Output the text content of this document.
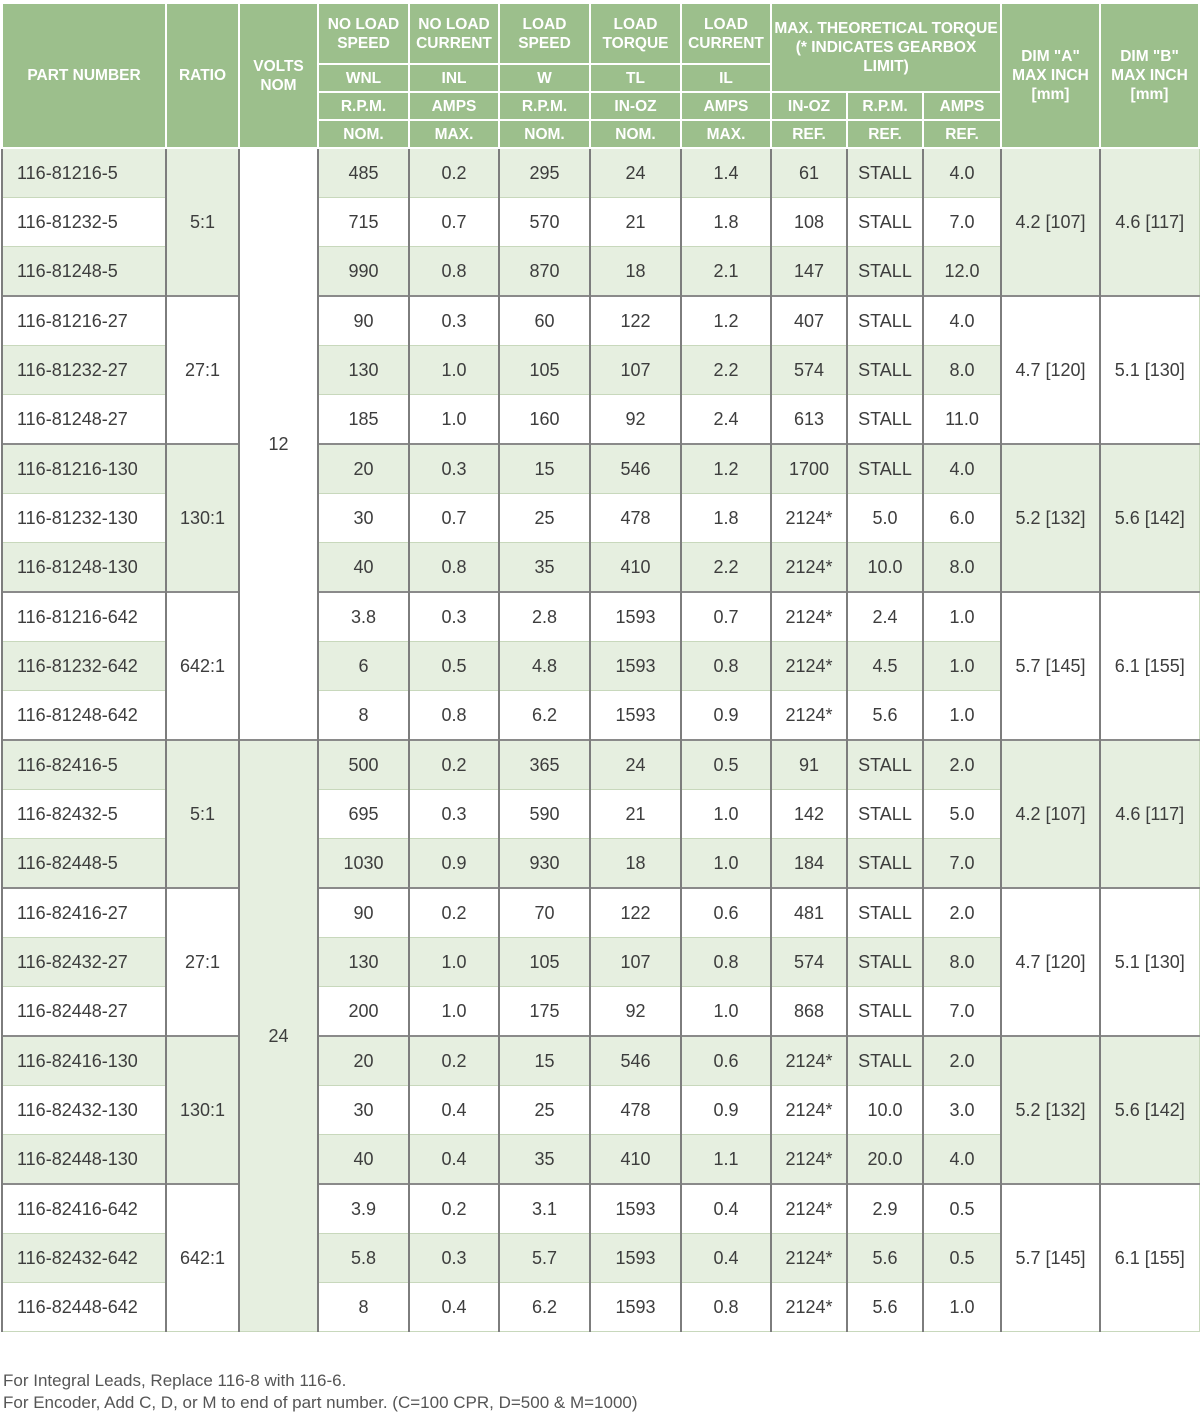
PART NUMBER	RATIO	VOLTS NOM	NO LOAD SPEED	NO LOAD CURRENT	LOAD SPEED	LOAD TORQUE	LOAD CURRENT	MAX. THEORETICAL TORQUE (* INDICATES GEARBOX LIMIT)			DIM "A" MAX INCH [mm]	DIM "B" MAX INCH [mm]
			WNL	INL	W	TL	IL					
			R.P.M.	AMPS	R.P.M.	IN-OZ	AMPS	IN-OZ	R.P.M.	AMPS		
			NOM.	MAX.	NOM.	NOM.	MAX.	REF.	REF.	REF.		
116-81216-5	5:1	12	485	0.2	295	24	1.4	61	STALL	4.0	4.2 [107]	4.6 [117]
116-81232-5			715	0.7	570	21	1.8	108	STALL	7.0		
116-81248-5			990	0.8	870	18	2.1	147	STALL	12.0		
116-81216-27	27:1		90	0.3	60	122	1.2	407	STALL	4.0	4.7 [120]	5.1 [130]
116-81232-27			130	1.0	105	107	2.2	574	STALL	8.0		
116-81248-27			185	1.0	160	92	2.4	613	STALL	11.0		
116-81216-130	130:1		20	0.3	15	546	1.2	1700	STALL	4.0	5.2 [132]	5.6 [142]
116-81232-130			30	0.7	25	478	1.8	2124*	5.0	6.0		
116-81248-130			40	0.8	35	410	2.2	2124*	10.0	8.0		
116-81216-642	642:1		3.8	0.3	2.8	1593	0.7	2124*	2.4	1.0	5.7 [145]	6.1 [155]
116-81232-642			6	0.5	4.8	1593	0.8	2124*	4.5	1.0		
116-81248-642			8	0.8	6.2	1593	0.9	2124*	5.6	1.0		
116-82416-5	5:1	24	500	0.2	365	24	0.5	91	STALL	2.0	4.2 [107]	4.6 [117]
116-82432-5			695	0.3	590	21	1.0	142	STALL	5.0		
116-82448-5			1030	0.9	930	18	1.0	184	STALL	7.0		
116-82416-27	27:1		90	0.2	70	122	0.6	481	STALL	2.0	4.7 [120]	5.1 [130]
116-82432-27			130	1.0	105	107	0.8	574	STALL	8.0		
116-82448-27			200	1.0	175	92	1.0	868	STALL	7.0		
116-82416-130	130:1		20	0.2	15	546	0.6	2124*	STALL	2.0	5.2 [132]	5.6 [142]
116-82432-130			30	0.4	25	478	0.9	2124*	10.0	3.0		
116-82448-130			40	0.4	35	410	1.1	2124*	20.0	4.0		
116-82416-642	642:1		3.9	0.2	3.1	1593	0.4	2124*	2.9	0.5	5.7 [145]	6.1 [155]
116-82432-642			5.8	0.3	5.7	1593	0.4	2124*	5.6	0.5		
116-82448-642			8	0.4	6.2	1593	0.8	2124*	5.6	1.0		
For Integral Leads, Replace 116-8 with 116-6.
For Encoder, Add C, D, or M to end of part number. (C=100 CPR, D=500 & M=1000)
